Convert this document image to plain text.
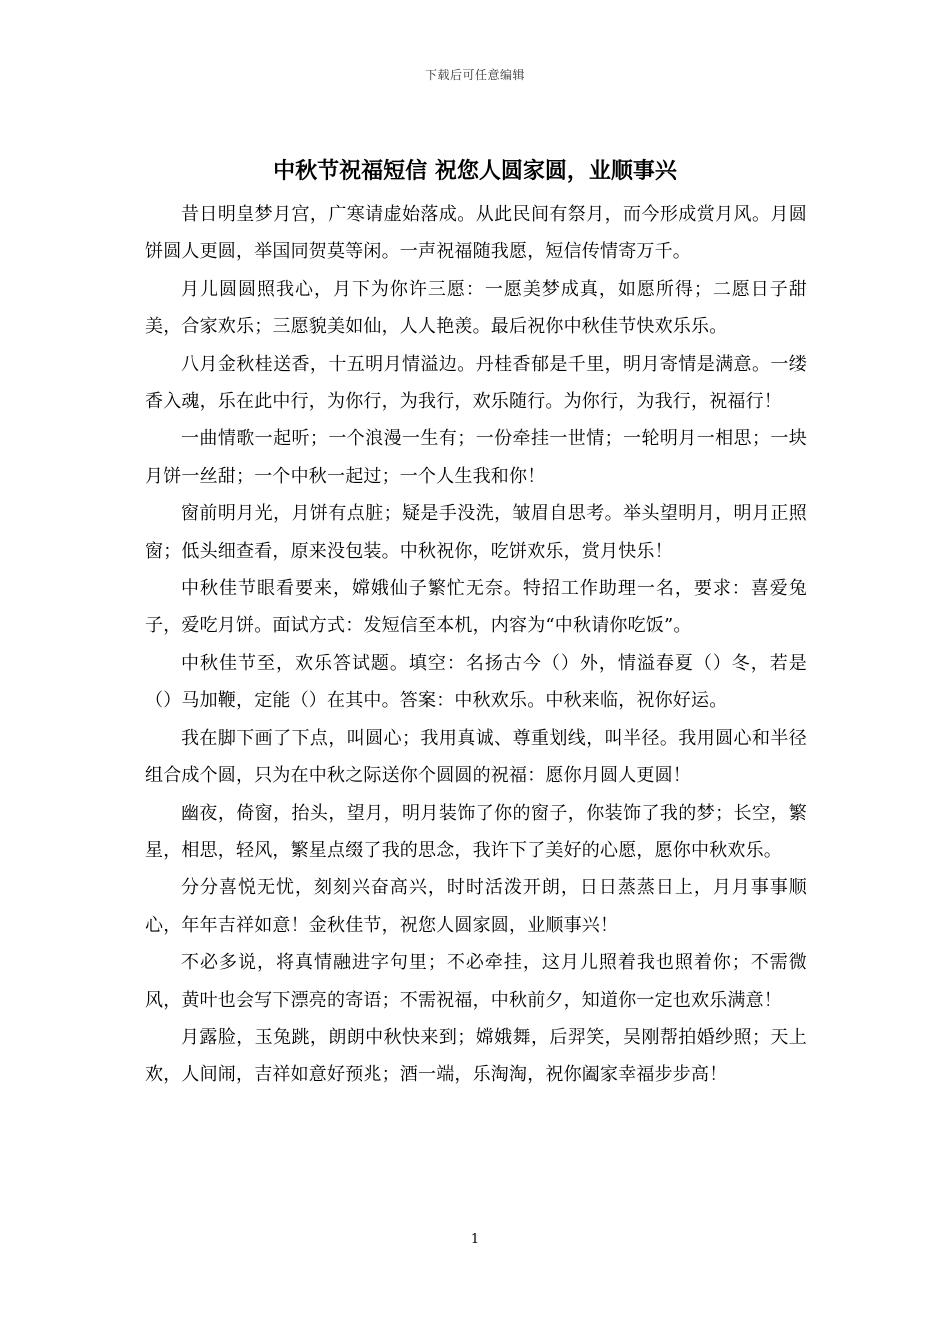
下载后可任意编辑
中秋节祝福短信 祝您人圆家圆，业顺事兴

昔日明皇梦月宫，广寒请虚始落成。从此民间有祭月，而今形成赏月风。月圆饼圆人更圆，举国同贺莫等闲。一声祝福随我愿，短信传情寄万千。

月儿圆圆照我心，月下为你许三愿：一愿美梦成真，如愿所得；二愿日子甜美，合家欢乐；三愿貌美如仙，人人艳羡。最后祝你中秋佳节快欢乐乐。

八月金秋桂送香，十五明月情溢边。丹桂香郁是千里，明月寄情是满意。一缕香入魂，乐在此中行，为你行，为我行，欢乐随行。为你行，为我行，祝福行！

一曲情歌一起听；一个浪漫一生有；一份牵挂一世情；一轮明月一相思；一块月饼一丝甜；一个中秋一起过；一个人生我和你！

窗前明月光，月饼有点脏；疑是手没洗，皱眉自思考。举头望明月，明月正照窗；低头细查看，原来没包装。中秋祝你，吃饼欢乐，赏月快乐！

中秋佳节眼看要来，嫦娥仙子繁忙无奈。特招工作助理一名，要求：喜爱兔子，爱吃月饼。面试方式：发短信至本机，内容为“中秋请你吃饭”。

中秋佳节至，欢乐答试题。填空：名扬古今（）外，情溢春夏（）冬，若是（）马加鞭，定能（）在其中。答案：中秋欢乐。中秋来临，祝你好运。

我在脚下画了下点，叫圆心；我用真诚、尊重划线，叫半径。我用圆心和半径组合成个圆，只为在中秋之际送你个圆圆的祝福：愿你月圆人更圆！

幽夜，倚窗，抬头，望月，明月装饰了你的窗子，你装饰了我的梦；长空，繁星，相思，轻风，繁星点缀了我的思念，我许下了美好的心愿，愿你中秋欢乐。

分分喜悦无忧，刻刻兴奋高兴，时时活泼开朗，日日蒸蒸日上，月月事事顺心，年年吉祥如意！金秋佳节，祝您人圆家圆，业顺事兴！

不必多说，将真情融进字句里；不必牵挂，这月儿照着我也照着你；不需微风，黄叶也会写下漂亮的寄语；不需祝福，中秋前夕，知道你一定也欢乐满意！

月露脸，玉兔跳，朗朗中秋快来到；嫦娥舞，后羿笑，吴刚帮拍婚纱照；天上欢，人间闹，吉祥如意好预兆；酒一端，乐淘淘，祝你阖家幸福步步高！

1
